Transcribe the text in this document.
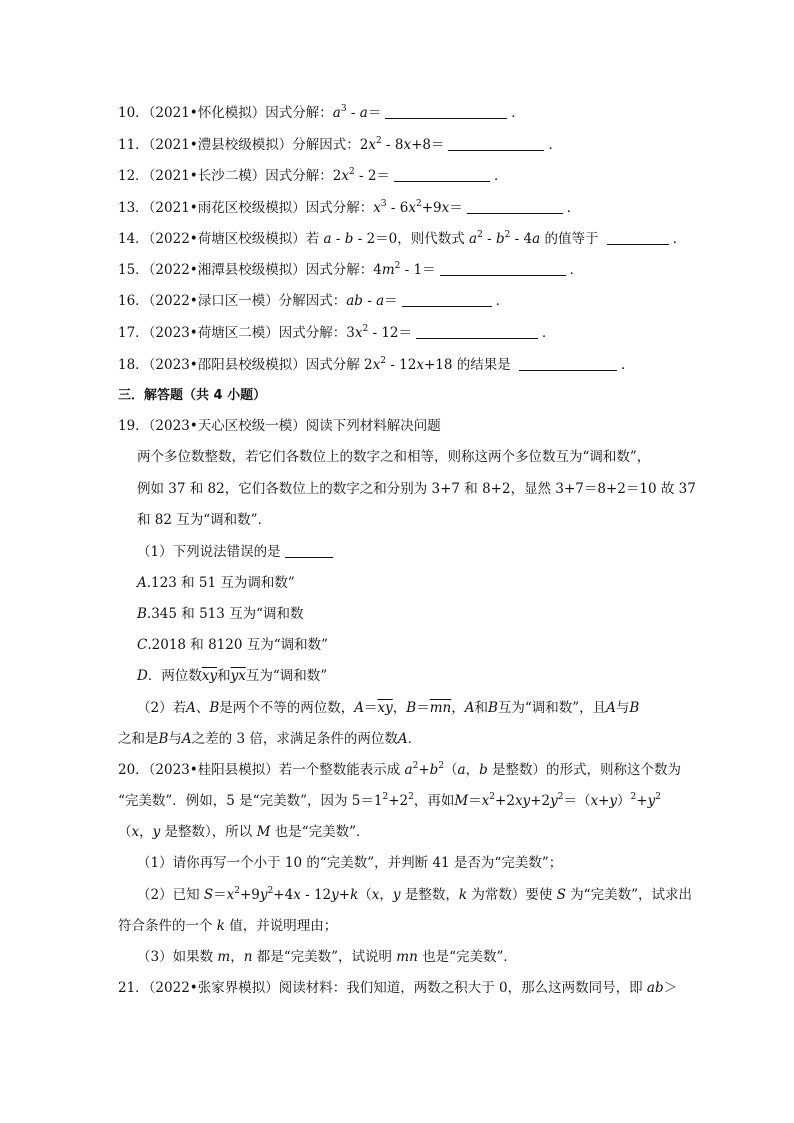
10．（2021•怀化模拟）因式分解：$a^3 - a=$	．
11．（2021•澧县校级模拟）分解因式：$2x^2 - 8x+8=$	．
12．（2021•长沙二模）因式分解：$2x^2 - 2=$	．
13．（2021•雨花区校级模拟）因式分解：$x^3 - 6x^2+9x=$	．
14．（2022•荷塘区校级模拟）若 a - b - 2＝0，则代数式 $a^2 - b^2 - 4a$ 的值等于	．
15．（2022•湘潭县校级模拟）因式分解：$4m^2 - 1=$	．
16．（2022•渌口区一模）分解因式：ab - a＝	．
17．（2023•荷塘区二模）因式分解：$3x^2 - 12=$	．
18．（2023•邵阳县校级模拟）因式分解 $2x^2 - 12x+18$ 的结果是	．
三．解答题（共 4 小题）
19．（2023•天心区校级一模）阅读下列材料解决问题
两个多位数整数，若它们各数位上的数字之和相等，则称这两个多位数互为“调和数”，
例如 37 和 82，它们各数位上的数字之和分别为 3+7 和 8+2，显然 3+7＝8+2＝10 故 37
和 82 互为“调和数”．
（1）下列说法错误的是
A.123 和 51 互为调和数”
B.345 和 513 互为“调和数
C.2018 和 8120 互为“调和数”
D．两位数$\overline{xy}$和$\overline{yx}$互为“调和数”
（2）若A、B是两个不等的两位数，$A=\overline{xy}$，$B=\overline{mn}$，A和B互为“调和数”，且A与B
之和是B与A之差的 3 倍，求满足条件的两位数A．
20．（2023•桂阳县模拟）若一个整数能表示成 $a^2+b^2(a$，b 是整数）的形式，则称这个数为
“完美数”．例如，5 是“完美数”，因为 $5=1^2+2^2$，再如$M=x^2+2xy+2y^2=(x+y)^2+y^2$
（x，y 是整数），所以 M 也是“完美数”．
（1）请你再写一个小于 10 的“完美数”，并判断 41 是否为“完美数”；
（2）已知 $S=x^2+9y^2+4x - 12y+k(x$，y 是整数，k 为常数）要使 S 为“完美数”，试求出
符合条件的一个 k 值，并说明理由；
（3）如果数 m，n 都是“完美数”，试说明 mn 也是“完美数”．
21．（2022•张家界模拟）阅读材料：我们知道，两数之积大于 0，那么这两数同号，即 ab＞
